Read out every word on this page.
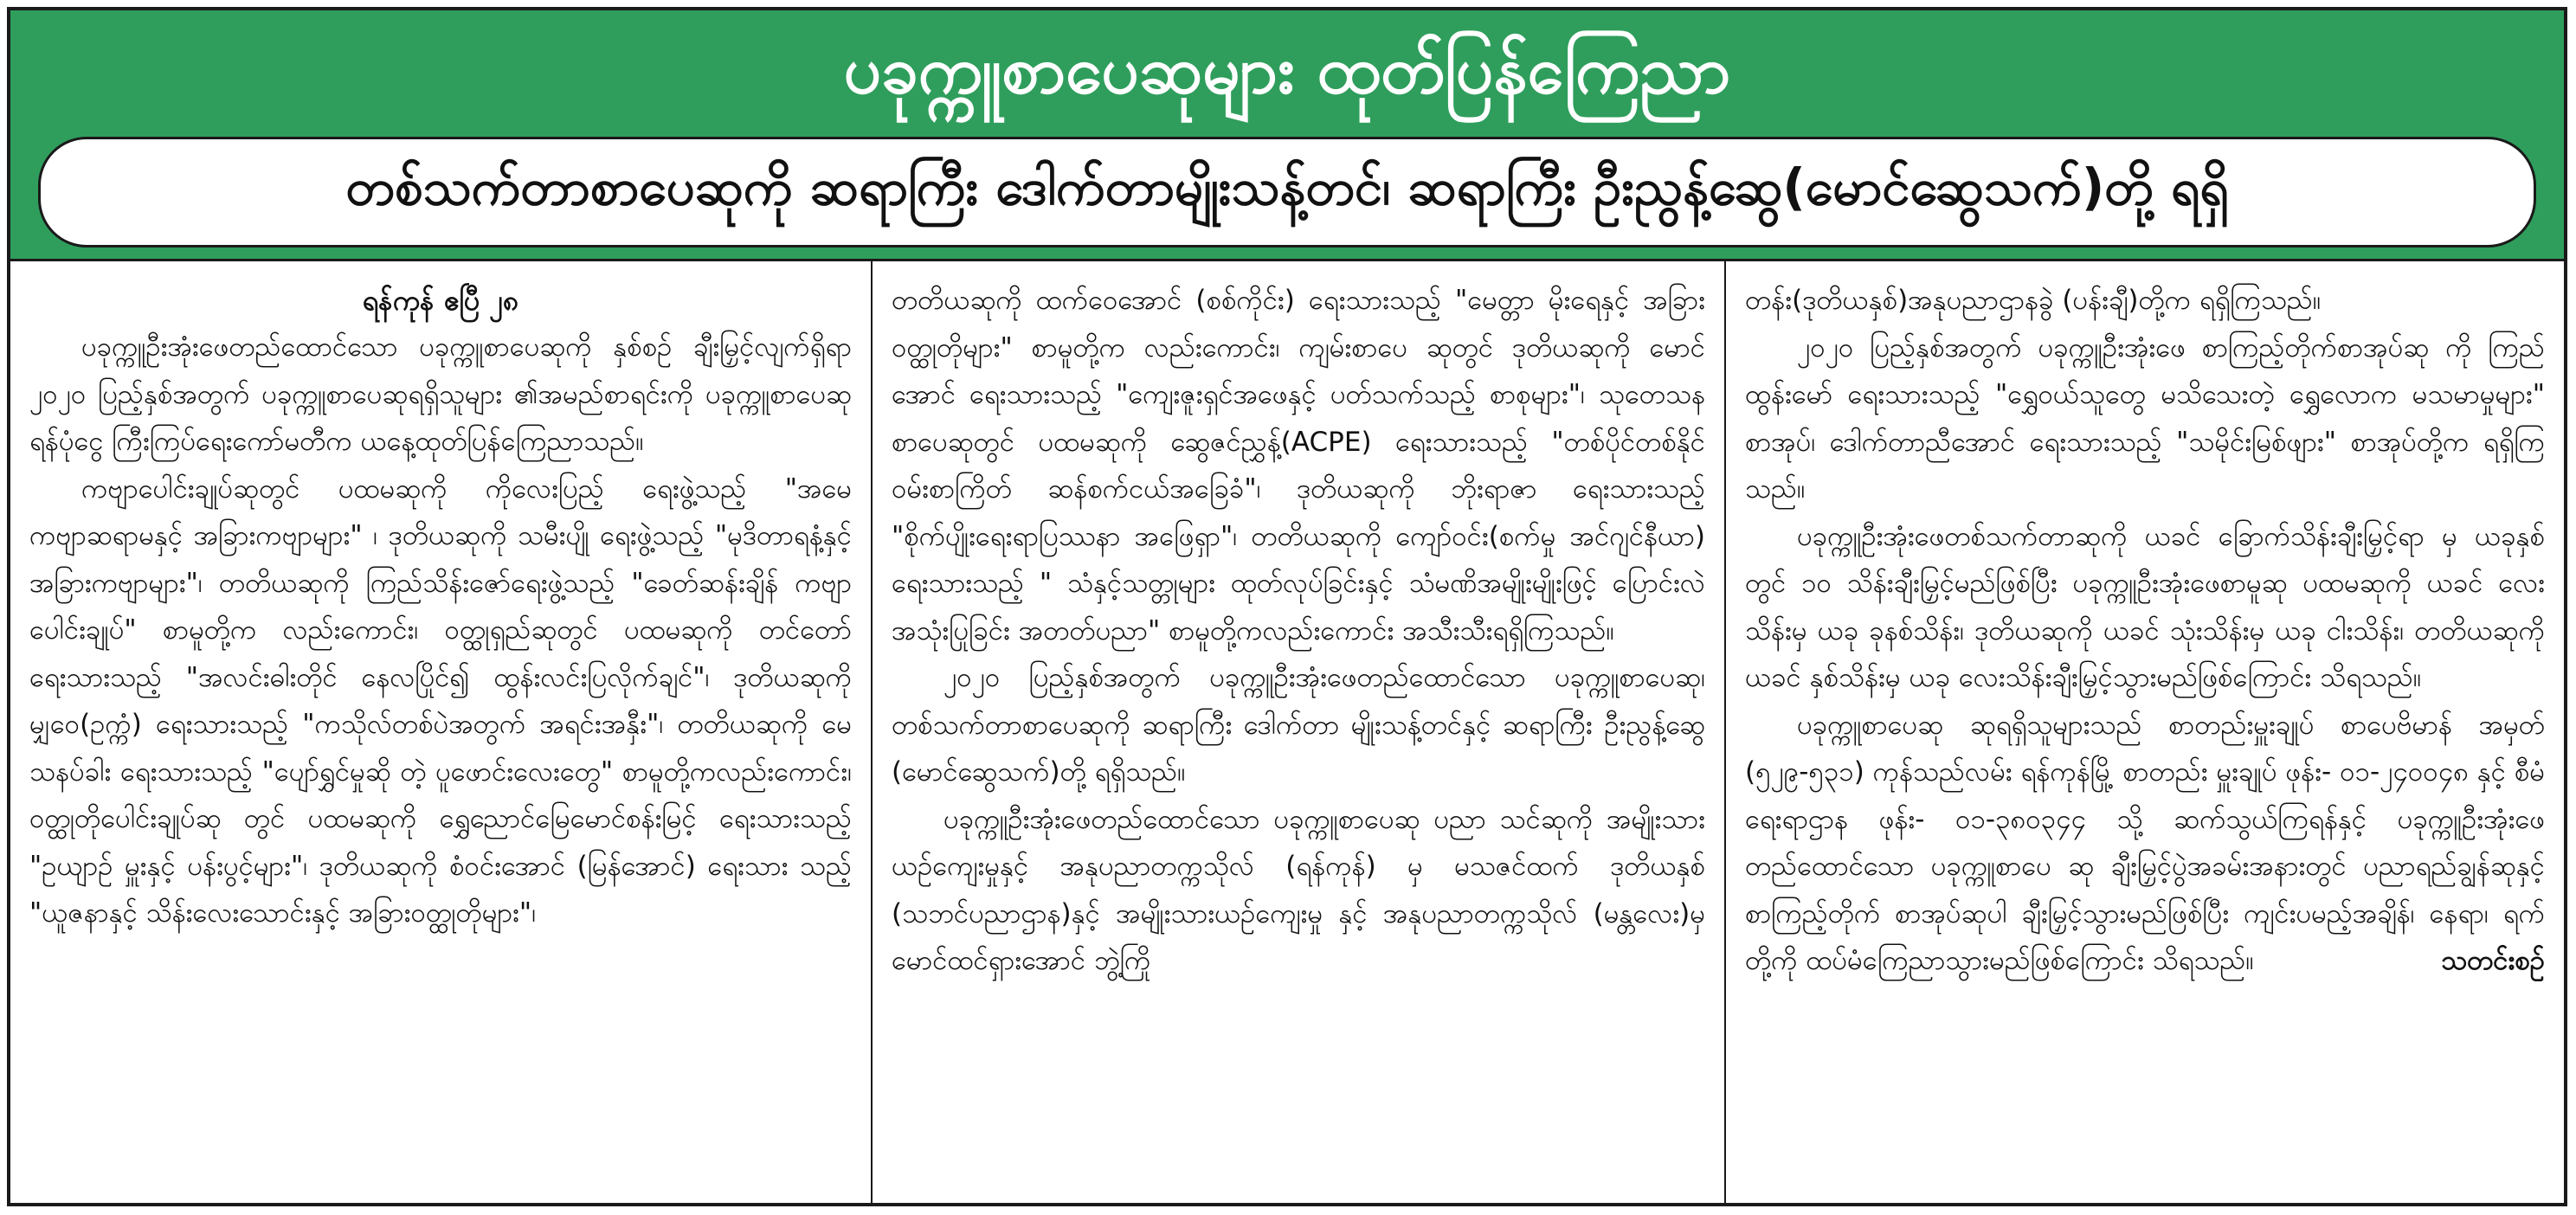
ပခုက္ကူစာပေဆုများ ထုတ်ပြန်ကြေညာ
တစ်သက်တာစာပေဆုကို ဆရာကြီး ဒေါက်တာမျိုးသန့်တင်၊ ဆရာကြီး ဦးညွန့်ဆွေ(မောင်ဆွေသက်)တို့ ရရှိ
ရန်ကုန် ဧပြီ ၂၈

ပခုက္ကူဦးအုံးဖေတည်ထောင်သော ပခုက္ကူစာပေဆုကို နှစ်စဉ် ချီးမြှင့်လျက်ရှိရာ ၂၀၂၀ ပြည့်နှစ်အတွက် ပခုက္ကူစာပေဆုရရှိသူများ ၏အမည်စာရင်းကို ပခုက္ကူစာပေဆုရန်ပုံငွေ ကြီးကြပ်ရေးကော်မတီက ယနေ့ထုတ်ပြန်ကြေညာသည်။

ကဗျာပေါင်းချုပ်ဆုတွင် ပထမဆုကို ကိုလေးပြည့် ရေးဖွဲ့သည့် "အမေကဗျာဆရာမနှင့် အခြားကဗျာများ" ၊ ဒုတိယဆုကို သမီးပျို ရေးဖွဲ့သည့် "မုဒိတာရနံ့နှင့် အခြားကဗျာများ"၊ တတိယဆုကို ကြည်သိန်းဇော်ရေးဖွဲ့သည့် "ခေတ်ဆန်းချိန် ကဗျာပေါင်းချုပ်" စာမူတို့က လည်းကောင်း၊ ဝတ္ထုရှည်ဆုတွင် ပထမဆုကို တင်တော် ရေးသားသည့် "အလင်းဓါးတိုင် နေလပြိုင်၍ ထွန်းလင်းပြလိုက်ချင်"၊ ဒုတိယဆုကို မျှဝေ(ဥက္ကံ) ရေးသားသည့် "ကသိုလ်တစ်ပဲအတွက် အရင်းအနှီး"၊ တတိယဆုကို မေသနပ်ခါး ရေးသားသည့် "ပျော်ရွှင်မှုဆို တဲ့ ပူဖောင်းလေးတွေ" စာမူတို့ကလည်းကောင်း၊ ဝတ္ထုတိုပေါင်းချုပ်ဆု တွင် ပထမဆုကို ရွှေညောင်မြေမောင်စန်းမြင့် ရေးသားသည့် "ဥယျာဉ် မှူးနှင့် ပန်းပွင့်များ"၊ ဒုတိယဆုကို စံဝင်းအောင် (မြန်အောင်) ရေးသား သည့် "ယူဇနာနှင့် သိန်းလေးသောင်းနှင့် အခြားဝတ္ထုတိုများ"၊

တတိယဆုကို ထက်ဝေအောင် (စစ်ကိုင်း) ရေးသားသည့် "မေတ္တာ မိုးရေနှင့် အခြားဝတ္ထုတိုများ" စာမူတို့က လည်းကောင်း၊ ကျမ်းစာပေ ဆုတွင် ဒုတိယဆုကို မောင်အောင် ရေးသားသည့် "ကျေးဇူးရှင်အဖေနှင့် ပတ်သက်သည့် စာစုများ"၊ သုတေသနစာပေဆုတွင် ပထမဆုကို ဆွေဇင်ညွှန့်(ACPE) ရေးသားသည့် "တစ်ပိုင်တစ်နိုင် ဝမ်းစာကြိတ် ဆန်စက်ငယ်အခြေခံ"၊ ဒုတိယဆုကို ဘိုးရာဇာ ရေးသားသည့် "စိုက်ပျိုးရေးရာပြဿနာ အဖြေရှာ"၊ တတိယဆုကို ကျော်ဝင်း(စက်မှု အင်ဂျင်နီယာ) ရေးသားသည့် " သံနှင့်သတ္တုများ ထုတ်လုပ်ခြင်းနှင့် သံမဏိအမျိုးမျိုးဖြင့် ပြောင်းလဲအသုံးပြုခြင်း အတတ်ပညာ" စာမူတို့ကလည်းကောင်း အသီးသီးရရှိကြသည်။

၂၀၂၀ ပြည့်နှစ်အတွက် ပခုက္ကူဦးအုံးဖေတည်ထောင်သော ပခုက္ကူစာပေဆု၊ တစ်သက်တာစာပေဆုကို ဆရာကြီး ဒေါက်တာ မျိုးသန့်တင်နှင့် ဆရာကြီး ဦးညွန့်ဆွေ (မောင်ဆွေသက်)တို့ ရရှိသည်။

ပခုက္ကူဦးအုံးဖေတည်ထောင်သော ပခုက္ကူစာပေဆု ပညာ သင်ဆုကို အမျိုးသားယဉ်ကျေးမှုနှင့် အနုပညာတက္ကသိုလ် (ရန်ကုန်) မှ မသဇင်ထက် ဒုတိယနှစ် (သဘင်ပညာဌာန)နှင့် အမျိုးသားယဉ်ကျေးမှု နှင့် အနုပညာတက္ကသိုလ် (မန္တလေး)မှ မောင်ထင်ရှားအောင် ဘွဲ့ကြို

တန်း(ဒုတိယနှစ်)အနုပညာဌာနခွဲ (ပန်းချီ)တို့က ရရှိကြသည်။

၂၀၂၀ ပြည့်နှစ်အတွက် ပခုက္ကူဦးအုံးဖေ စာကြည့်တိုက်စာအုပ်ဆု ကို ကြည်ထွန်းမော် ရေးသားသည့် "ရွှေဝယ်သူတွေ မသိသေးတဲ့ ရွှေလောက မသမာမှုများ" စာအုပ်၊ ဒေါက်တာညီအောင် ရေးသားသည့် "သမိုင်းမြစ်ဖျား" စာအုပ်တို့က ရရှိကြသည်။

ပခုက္ကူဦးအုံးဖေတစ်သက်တာဆုကို ယခင် ခြောက်သိန်းချီးမြှင့်ရာ မှ ယခုနှစ်တွင် ၁၀ သိန်းချီးမြှင့်မည်ဖြစ်ပြီး ပခုက္ကူဦးအုံးဖေစာမူဆု ပထမဆုကို ယခင် လေးသိန်းမှ ယခု ခုနစ်သိန်း၊ ဒုတိယဆုကို ယခင် သုံးသိန်းမှ ယခု ငါးသိန်း၊ တတိယဆုကို ယခင် နှစ်သိန်းမှ ယခု လေးသိန်းချီးမြှင့်သွားမည်ဖြစ်ကြောင်း သိရသည်။

ပခုက္ကူစာပေဆု ဆုရရှိသူများသည် စာတည်းမှူးချုပ် စာပေဗိမာန် အမှတ် (၅၂၉-၅၃၁) ကုန်သည်လမ်း ရန်ကုန်မြို့ စာတည်း မှူးချုပ် ဖုန်း- ၀၁-၂၄၀၀၄၈ နှင့် စီမံရေးရာဌာန ဖုန်း- ၀၁-၃၈၀၃၄၄ သို့ ဆက်သွယ်ကြရန်နှင့် ပခုက္ကူဦးအုံးဖေတည်ထောင်သော ပခုက္ကူစာပေ ဆု ချီးမြှင့်ပွဲအခမ်းအနားတွင် ပညာရည်ချွန်ဆုနှင့် စာကြည့်တိုက် စာအုပ်ဆုပါ ချီးမြှင့်သွားမည်ဖြစ်ပြီး ကျင်းပမည့်အချိန်၊ နေရာ၊ ရက် တို့ကို ထပ်မံကြေညာသွားမည်ဖြစ်ကြောင်း သိရသည်။	သတင်းစဉ်
